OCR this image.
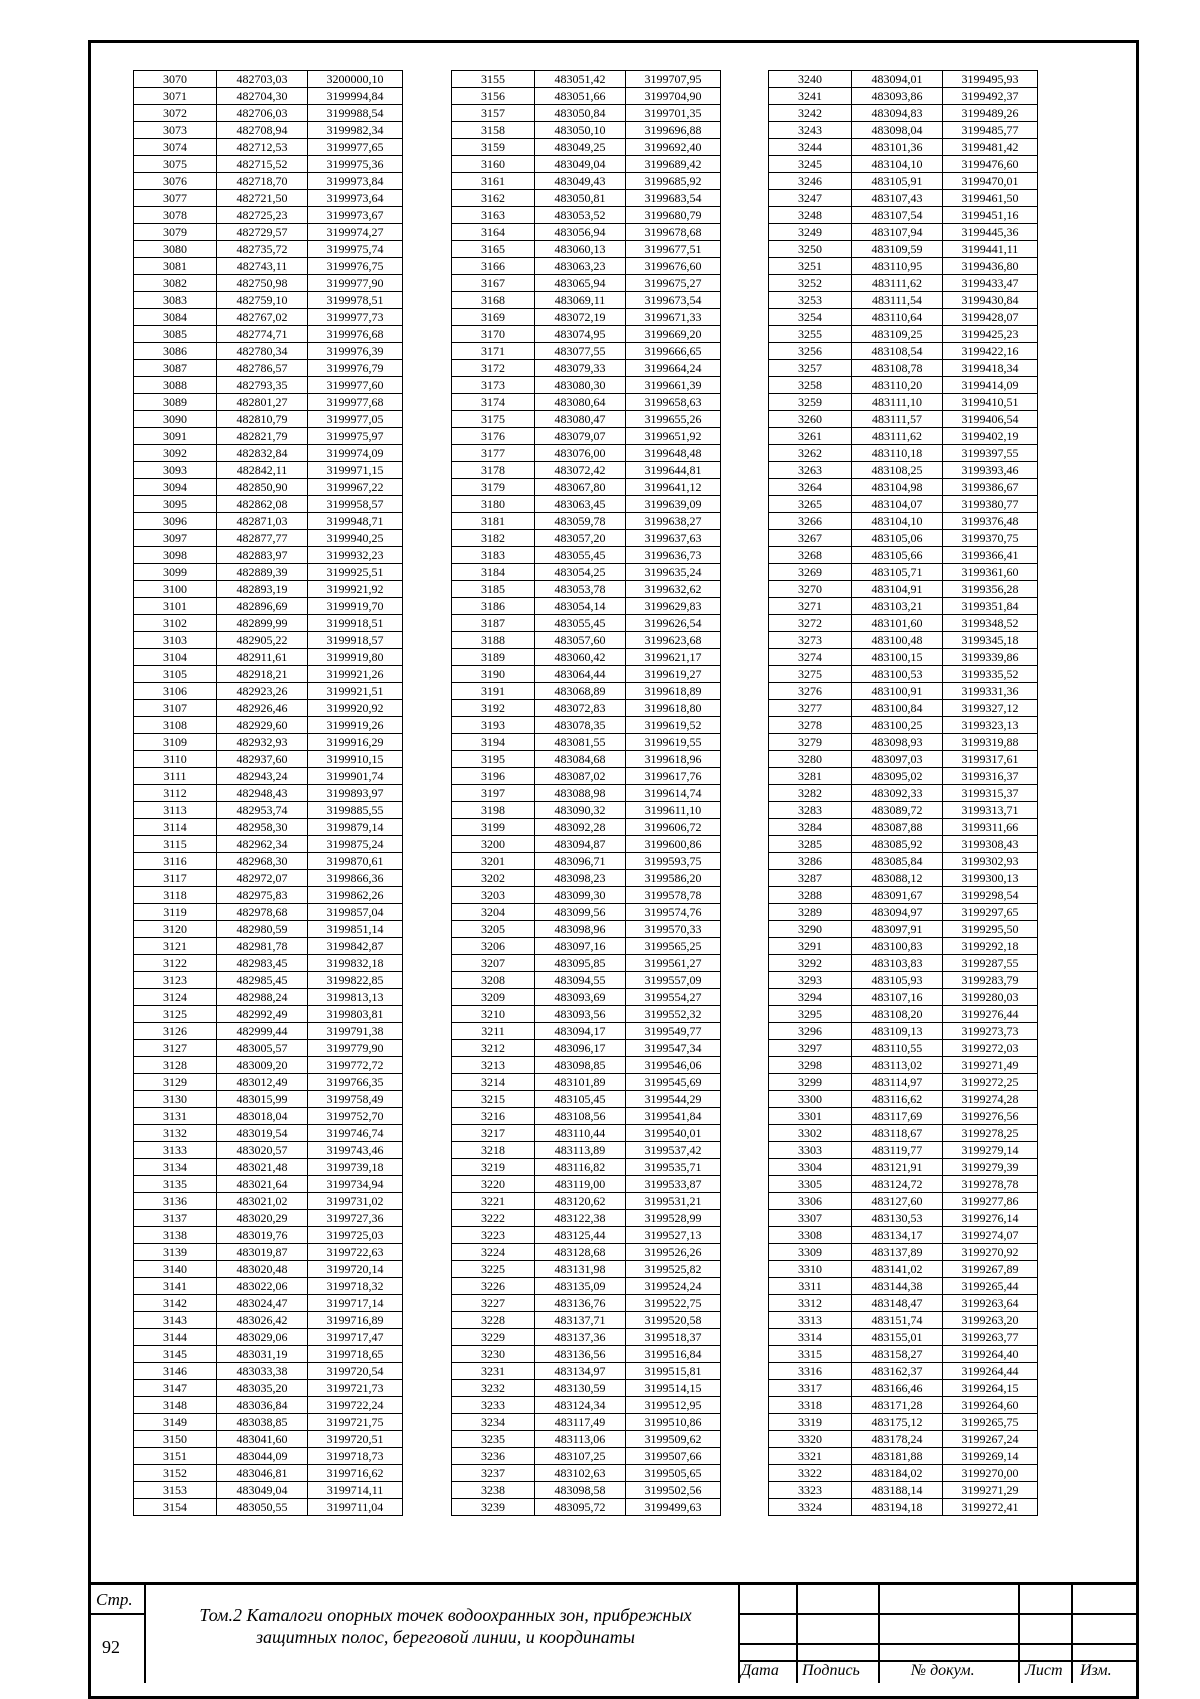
3070	482703,03	3200000,10
3071	482704,30	3199994,84
3072	482706,03	3199988,54
3073	482708,94	3199982,34
3074	482712,53	3199977,65
3075	482715,52	3199975,36
3076	482718,70	3199973,84
3077	482721,50	3199973,64
3078	482725,23	3199973,67
3079	482729,57	3199974,27
3080	482735,72	3199975,74
3081	482743,11	3199976,75
3082	482750,98	3199977,90
3083	482759,10	3199978,51
3084	482767,02	3199977,73
3085	482774,71	3199976,68
3086	482780,34	3199976,39
3087	482786,57	3199976,79
3088	482793,35	3199977,60
3089	482801,27	3199977,68
3090	482810,79	3199977,05
3091	482821,79	3199975,97
3092	482832,84	3199974,09
3093	482842,11	3199971,15
3094	482850,90	3199967,22
3095	482862,08	3199958,57
3096	482871,03	3199948,71
3097	482877,77	3199940,25
3098	482883,97	3199932,23
3099	482889,39	3199925,51
3100	482893,19	3199921,92
3101	482896,69	3199919,70
3102	482899,99	3199918,51
3103	482905,22	3199918,57
3104	482911,61	3199919,80
3105	482918,21	3199921,26
3106	482923,26	3199921,51
3107	482926,46	3199920,92
3108	482929,60	3199919,26
3109	482932,93	3199916,29
3110	482937,60	3199910,15
3111	482943,24	3199901,74
3112	482948,43	3199893,97
3113	482953,74	3199885,55
3114	482958,30	3199879,14
3115	482962,34	3199875,24
3116	482968,30	3199870,61
3117	482972,07	3199866,36
3118	482975,83	3199862,26
3119	482978,68	3199857,04
3120	482980,59	3199851,14
3121	482981,78	3199842,87
3122	482983,45	3199832,18
3123	482985,45	3199822,85
3124	482988,24	3199813,13
3125	482992,49	3199803,81
3126	482999,44	3199791,38
3127	483005,57	3199779,90
3128	483009,20	3199772,72
3129	483012,49	3199766,35
3130	483015,99	3199758,49
3131	483018,04	3199752,70
3132	483019,54	3199746,74
3133	483020,57	3199743,46
3134	483021,48	3199739,18
3135	483021,64	3199734,94
3136	483021,02	3199731,02
3137	483020,29	3199727,36
3138	483019,76	3199725,03
3139	483019,87	3199722,63
3140	483020,48	3199720,14
3141	483022,06	3199718,32
3142	483024,47	3199717,14
3143	483026,42	3199716,89
3144	483029,06	3199717,47
3145	483031,19	3199718,65
3146	483033,38	3199720,54
3147	483035,20	3199721,73
3148	483036,84	3199722,24
3149	483038,85	3199721,75
3150	483041,60	3199720,51
3151	483044,09	3199718,73
3152	483046,81	3199716,62
3153	483049,04	3199714,11
3154	483050,55	3199711,04
3155	483051,42	3199707,95
3156	483051,66	3199704,90
3157	483050,84	3199701,35
3158	483050,10	3199696,88
3159	483049,25	3199692,40
3160	483049,04	3199689,42
3161	483049,43	3199685,92
3162	483050,81	3199683,54
3163	483053,52	3199680,79
3164	483056,94	3199678,68
3165	483060,13	3199677,51
3166	483063,23	3199676,60
3167	483065,94	3199675,27
3168	483069,11	3199673,54
3169	483072,19	3199671,33
3170	483074,95	3199669,20
3171	483077,55	3199666,65
3172	483079,33	3199664,24
3173	483080,30	3199661,39
3174	483080,64	3199658,63
3175	483080,47	3199655,26
3176	483079,07	3199651,92
3177	483076,00	3199648,48
3178	483072,42	3199644,81
3179	483067,80	3199641,12
3180	483063,45	3199639,09
3181	483059,78	3199638,27
3182	483057,20	3199637,63
3183	483055,45	3199636,73
3184	483054,25	3199635,24
3185	483053,78	3199632,62
3186	483054,14	3199629,83
3187	483055,45	3199626,54
3188	483057,60	3199623,68
3189	483060,42	3199621,17
3190	483064,44	3199619,27
3191	483068,89	3199618,89
3192	483072,83	3199618,80
3193	483078,35	3199619,52
3194	483081,55	3199619,55
3195	483084,68	3199618,96
3196	483087,02	3199617,76
3197	483088,98	3199614,74
3198	483090,32	3199611,10
3199	483092,28	3199606,72
3200	483094,87	3199600,86
3201	483096,71	3199593,75
3202	483098,23	3199586,20
3203	483099,30	3199578,78
3204	483099,56	3199574,76
3205	483098,96	3199570,33
3206	483097,16	3199565,25
3207	483095,85	3199561,27
3208	483094,55	3199557,09
3209	483093,69	3199554,27
3210	483093,56	3199552,32
3211	483094,17	3199549,77
3212	483096,17	3199547,34
3213	483098,85	3199546,06
3214	483101,89	3199545,69
3215	483105,45	3199544,29
3216	483108,56	3199541,84
3217	483110,44	3199540,01
3218	483113,89	3199537,42
3219	483116,82	3199535,71
3220	483119,00	3199533,87
3221	483120,62	3199531,21
3222	483122,38	3199528,99
3223	483125,44	3199527,13
3224	483128,68	3199526,26
3225	483131,98	3199525,82
3226	483135,09	3199524,24
3227	483136,76	3199522,75
3228	483137,71	3199520,58
3229	483137,36	3199518,37
3230	483136,56	3199516,84
3231	483134,97	3199515,81
3232	483130,59	3199514,15
3233	483124,34	3199512,95
3234	483117,49	3199510,86
3235	483113,06	3199509,62
3236	483107,25	3199507,66
3237	483102,63	3199505,65
3238	483098,58	3199502,56
3239	483095,72	3199499,63
3240	483094,01	3199495,93
3241	483093,86	3199492,37
3242	483094,83	3199489,26
3243	483098,04	3199485,77
3244	483101,36	3199481,42
3245	483104,10	3199476,60
3246	483105,91	3199470,01
3247	483107,43	3199461,50
3248	483107,54	3199451,16
3249	483107,94	3199445,36
3250	483109,59	3199441,11
3251	483110,95	3199436,80
3252	483111,62	3199433,47
3253	483111,54	3199430,84
3254	483110,64	3199428,07
3255	483109,25	3199425,23
3256	483108,54	3199422,16
3257	483108,78	3199418,34
3258	483110,20	3199414,09
3259	483111,10	3199410,51
3260	483111,57	3199406,54
3261	483111,62	3199402,19
3262	483110,18	3199397,55
3263	483108,25	3199393,46
3264	483104,98	3199386,67
3265	483104,07	3199380,77
3266	483104,10	3199376,48
3267	483105,06	3199370,75
3268	483105,66	3199366,41
3269	483105,71	3199361,60
3270	483104,91	3199356,28
3271	483103,21	3199351,84
3272	483101,60	3199348,52
3273	483100,48	3199345,18
3274	483100,15	3199339,86
3275	483100,53	3199335,52
3276	483100,91	3199331,36
3277	483100,84	3199327,12
3278	483100,25	3199323,13
3279	483098,93	3199319,88
3280	483097,03	3199317,61
3281	483095,02	3199316,37
3282	483092,33	3199315,37
3283	483089,72	3199313,71
3284	483087,88	3199311,66
3285	483085,92	3199308,43
3286	483085,84	3199302,93
3287	483088,12	3199300,13
3288	483091,67	3199298,54
3289	483094,97	3199297,65
3290	483097,91	3199295,50
3291	483100,83	3199292,18
3292	483103,83	3199287,55
3293	483105,93	3199283,79
3294	483107,16	3199280,03
3295	483108,20	3199276,44
3296	483109,13	3199273,73
3297	483110,55	3199272,03
3298	483113,02	3199271,49
3299	483114,97	3199272,25
3300	483116,62	3199274,28
3301	483117,69	3199276,56
3302	483118,67	3199278,25
3303	483119,77	3199279,14
3304	483121,91	3199279,39
3305	483124,72	3199278,78
3306	483127,60	3199277,86
3307	483130,53	3199276,14
3308	483134,17	3199274,07
3309	483137,89	3199270,92
3310	483141,02	3199267,89
3311	483144,38	3199265,44
3312	483148,47	3199263,64
3313	483151,74	3199263,20
3314	483155,01	3199263,77
3315	483158,27	3199264,40
3316	483162,37	3199264,44
3317	483166,46	3199264,15
3318	483171,28	3199264,60
3319	483175,12	3199265,75
3320	483178,24	3199267,24
3321	483181,88	3199269,14
3322	483184,02	3199270,00
3323	483188,14	3199271,29
3324	483194,18	3199272,41
Стр.
92
Том.2 Каталоги опорных точек водоохранных зон, прибрежных
защитных полос, береговой линии, и координаты
Дата Подпись	№ докум.	Лист Изм.
